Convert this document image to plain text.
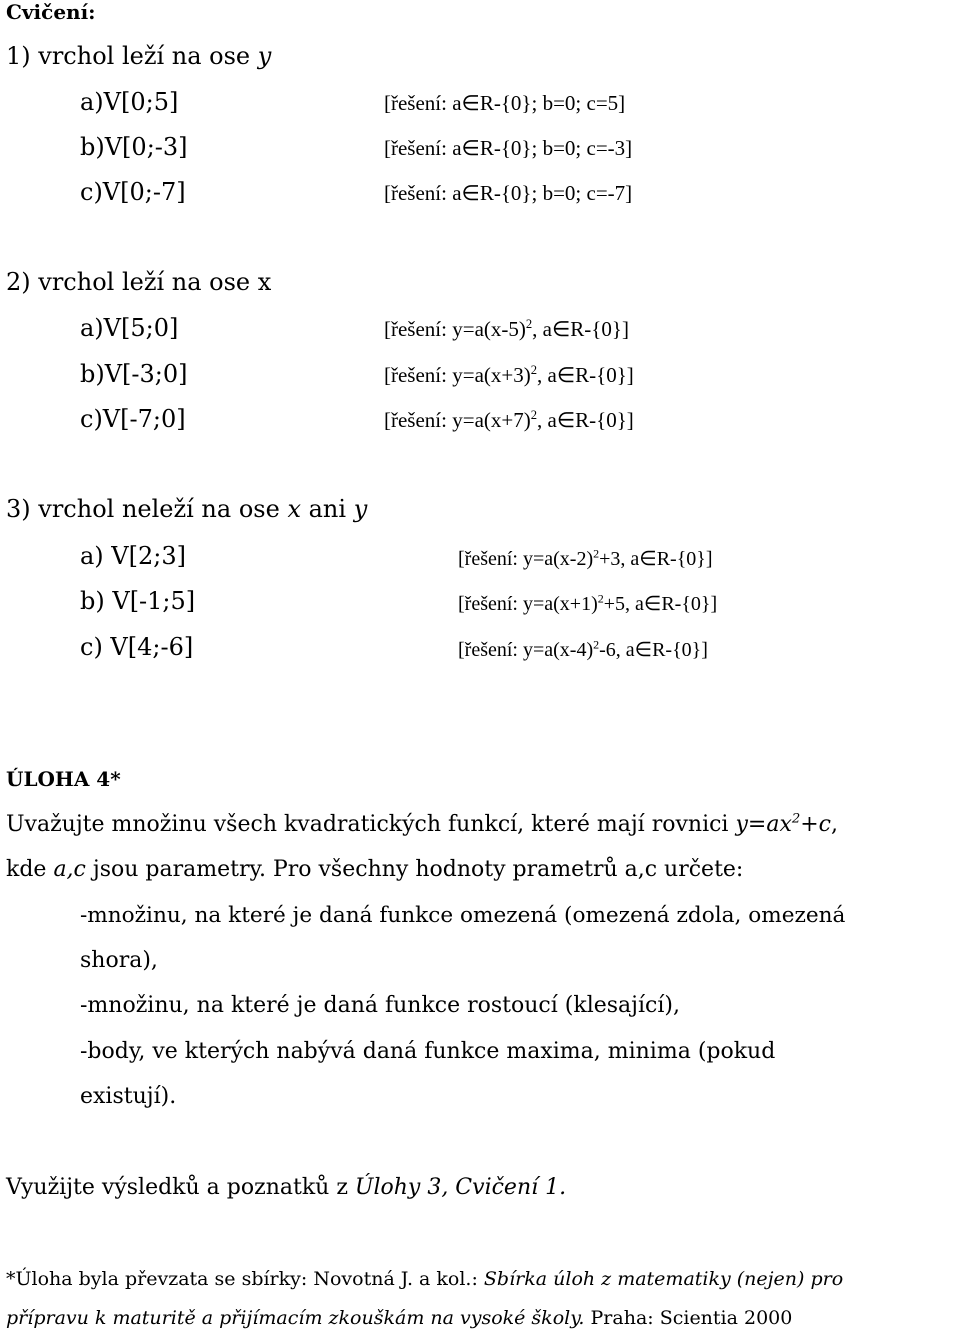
Cvičení:
1) vrchol leží na ose y
a)V[0;5]	[řešení: a∈R-{0}; b=0; c=5]
b)V[0;-3]	[řešení: a∈R-{0}; b=0; c=-3]
c)V[0;-7]	[řešení: a∈R-{0}; b=0; c=-7]
2) vrchol leží na ose x
a)V[5;0]	[řešení: $y=a(x-5)^2$, a∈R-{0}]
b)V[-3;0]	[řešení: $y=a(x+3)^2$, a∈R-{0}]
c)V[-7;0]	[řešení: $y=a(x+7)^2$, a∈R-{0}]
3) vrchol neleží na ose x ani y
a) V[2;3]	[řešení: $y=a(x-2)^2+3$, a∈R-{0}]
b) V[-1;5]	[řešení: $y=a(x+1)^2+5$, a∈R-{0}]
c) V[4;-6]	[řešení: $y=a(x-4)^2-6$, a∈R-{0}]
ÚLOHA 4*
Uvažujte množinu všech kvadratických funkcí, které mají rovnici $y=ax^2+c$,
kde a,c jsou parametry. Pro všechny hodnoty prametrů a,c určete:
-množinu, na které je daná funkce omezená (omezená zdola, omezená
shora),
-množinu, na které je daná funkce rostoucí (klesající),
-body, ve kterých nabývá daná funkce maxima, minima (pokud
existují).
Využijte výsledků a poznatků z Úlohy 3, Cvičení 1.
*Úloha byla převzata se sbírky: Novotná J. a kol.: Sbírka úloh z matematiky (nejen) pro
přípravu k maturitě a přijímacím zkouškám na vysoké školy. Praha: Scientia 2000
